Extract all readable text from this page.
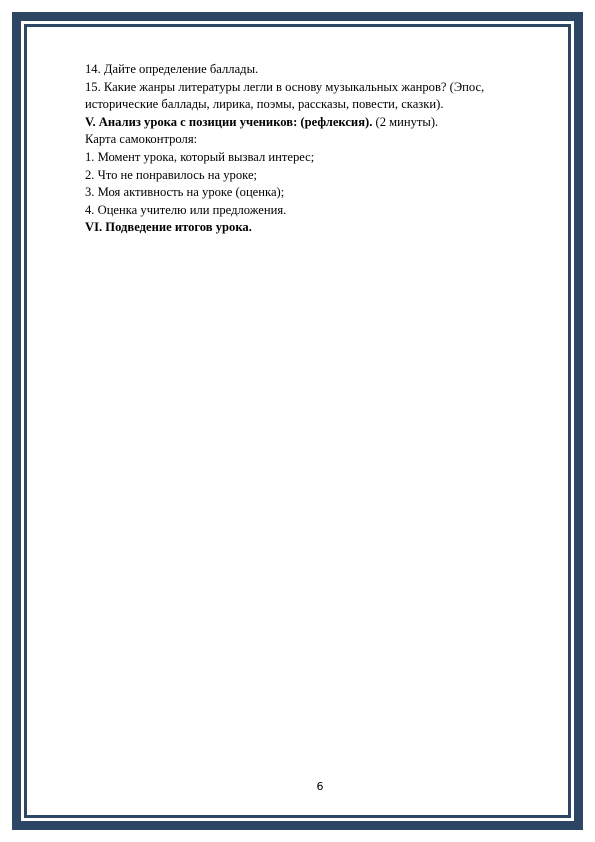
14. Дайте определение баллады.

15. Какие жанры литературы легли в основу музыкальных жанров? (Эпос,

исторические баллады, лирика, поэмы, рассказы, повести, сказки).

V. Анализ урока с позиции учеников: (рефлексия). (2 минуты).

Карта самоконтроля:

1. Момент урока, который вызвал интерес;

2. Что не понравилось на уроке;

3. Моя активность на уроке (оценка);

4. Оценка учителю или предложения.

VI. Подведение итогов урока.

6
